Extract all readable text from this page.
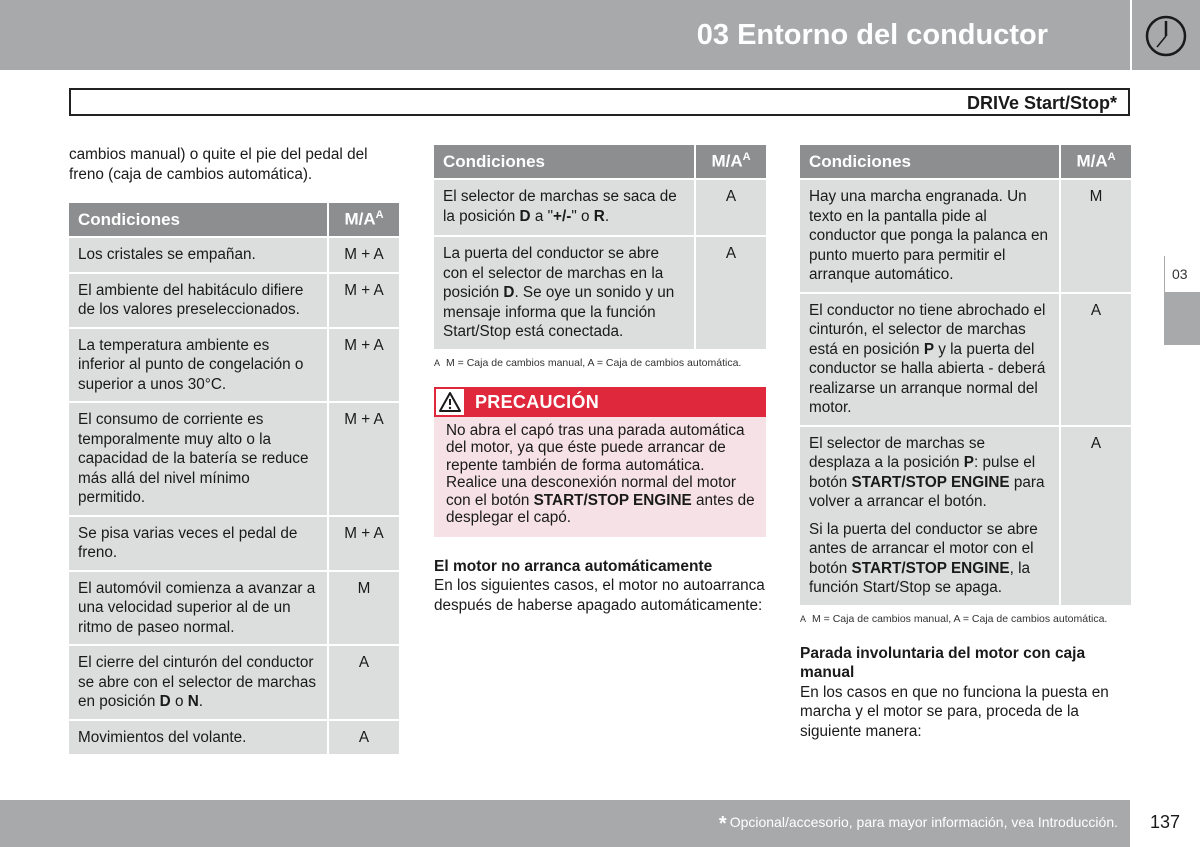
03 Entorno del conductor
DRIVe Start/Stop*
03

cambios manual) o quite el pie del pedal del freno (caja de cambios automática).

Condiciones	$M/A^A$
Los cristales se empañan.	M + A
El ambiente del habitáculo difiere de los valores preseleccionados.	M + A
La temperatura ambiente es inferior al punto de congelación o superior a unos 30°C.	M + A
El consumo de corriente es temporalmente muy alto o la capacidad de la batería se reduce más allá del nivel mínimo permitido.	M + A
Se pisa varias veces el pedal de freno.	M + A
El automóvil comienza a avanzar a una velocidad superior al de un ritmo de paseo normal.	M
El cierre del cinturón del conductor se abre con el selector de marchas en posición D o N.	A
Movimientos del volante.	A
Condiciones	$M/A^A$
El selector de marchas se saca de la posición D a "+/-" o R.	A
La puerta del conductor se abre con el selector de marchas en la posición D. Se oye un sonido y un mensaje informa que la función Start/Stop está conectada.	A
A M = Caja de cambios manual, A = Caja de cambios automática.
PRECAUCIÓN
No abra el capó tras una parada automática del motor, ya que éste puede arrancar de repente también de forma automática. Realice una desconexión normal del motor con el botón START/STOP ENGINE antes de desplegar el capó.
El motor no arranca automáticamente

En los siguientes casos, el motor no autoarranca después de haberse apagado automáticamente:

Condiciones	$M/A^A$
Hay una marcha engranada. Un texto en la pantalla pide al conductor que ponga la palanca en punto muerto para permitir el arranque automático.	M
El conductor no tiene abrochado el cinturón, el selector de marchas está en posición P y la puerta del conductor se halla abierta - deberá realizarse un arranque normal del motor.	A
El selector de marchas se desplaza a la posición P: pulse el botón START/STOP ENGINE para volver a arrancar el botón.
Si la puerta del conductor se abre antes de arrancar el motor con el botón START/STOP ENGINE, la función Start/Stop se apaga.	A
A M = Caja de cambios manual, A = Caja de cambios automática.
Parada involuntaria del motor con caja manual

En los casos en que no funciona la puesta en marcha y el motor se para, proceda de la siguiente manera:

* Opcional/accesorio, para mayor información, vea Introducción.	137
